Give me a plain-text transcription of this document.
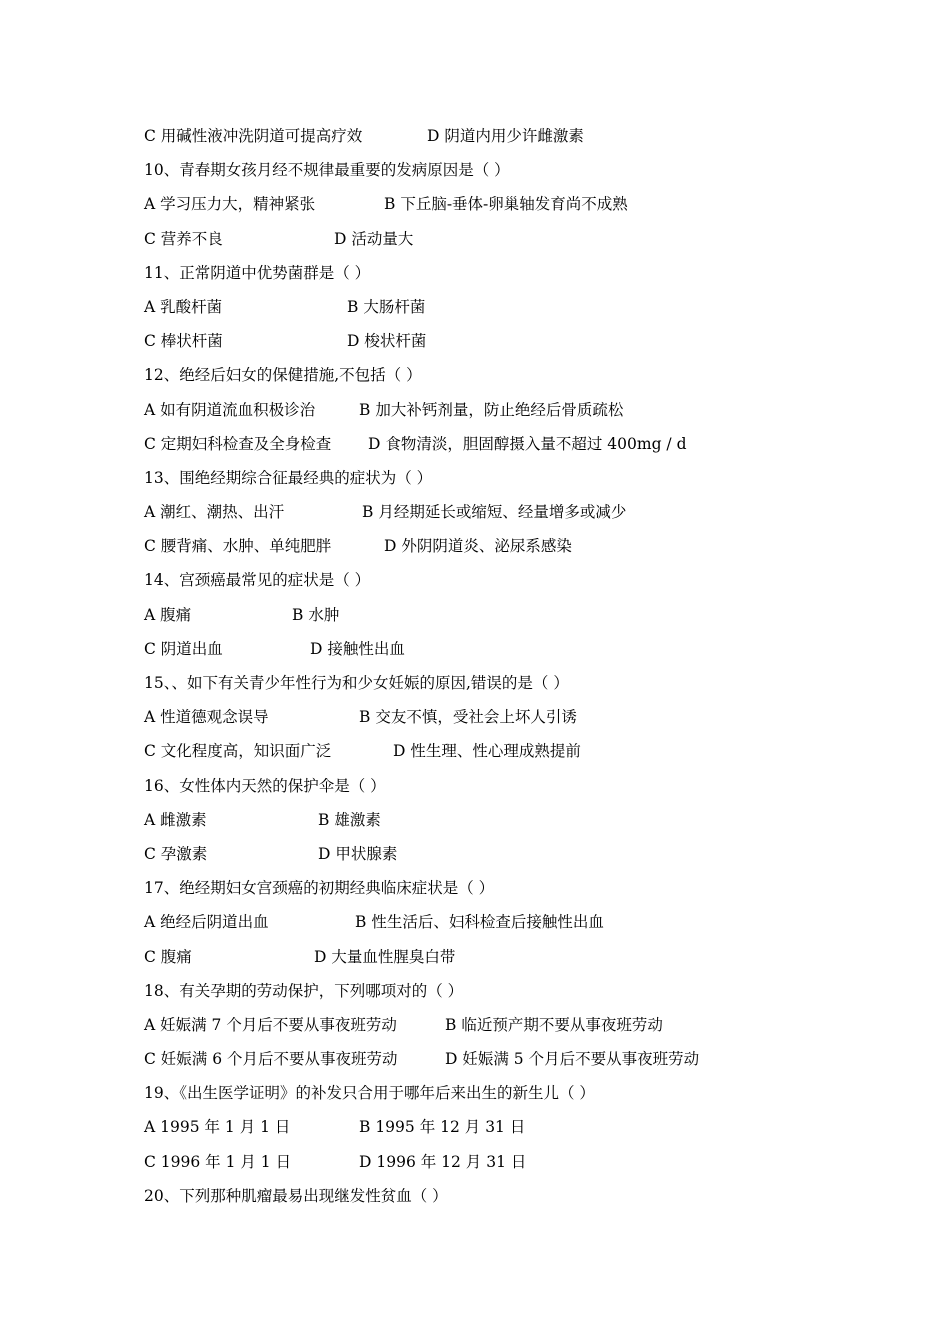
C 用碱性液冲洗阴道可提高疗效	D 阴道内用少许雌激素
10、青春期女孩月经不规律最重要的发病原因是（ ）
A 学习压力大，精神紧张	B 下丘脑-垂体-卵巢轴发育尚不成熟
C 营养不良	D 活动量大
11、正常阴道中优势菌群是（ ）
A 乳酸杆菌	B 大肠杆菌
C 棒状杆菌	D 梭状杆菌
12、绝经后妇女的保健措施,不包括（ ）
A 如有阴道流血积极诊治	B 加大补钙剂量，防止绝经后骨质疏松
C 定期妇科检查及全身检查 D 食物清淡，胆固醇摄入量不超过 400mg / d
13、围绝经期综合征最经典的症状为（ ）
A 潮红、潮热、出汗	B 月经期延长或缩短、经量增多或减少
C 腰背痛、水肿、单纯肥胖	D 外阴阴道炎、泌尿系感染
14、宫颈癌最常见的症状是（ ）
A 腹痛	B 水肿
C 阴道出血	D 接触性出血
15、、如下有关青少年性行为和少女妊娠的原因,错误的是（ ）
A 性道德观念误导	B 交友不慎，受社会上坏人引诱
C 文化程度高，知识面广泛	D 性生理、性心理成熟提前
16、女性体内天然的保护伞是（ ）
A 雌激素	B 雄激素
C 孕激素	D 甲状腺素
17、绝经期妇女宫颈癌的初期经典临床症状是（ ）
A 绝经后阴道出血	B 性生活后、妇科检查后接触性出血
C 腹痛	D 大量血性腥臭白带
18、有关孕期的劳动保护，下列哪项对的（ ）
A 妊娠满 7 个月后不要从事夜班劳动	B 临近预产期不要从事夜班劳动
C 妊娠满 6 个月后不要从事夜班劳动	D 妊娠满 5 个月后不要从事夜班劳动
19、《出生医学证明》的补发只合用于哪年后来出生的新生儿（ ）
A 1995 年 1 月 1 日	B 1995 年 12 月 31 日
C 1996 年 1 月 1 日	D 1996 年 12 月 31 日
20、下列那种肌瘤最易出现继发性贫血（ ）
